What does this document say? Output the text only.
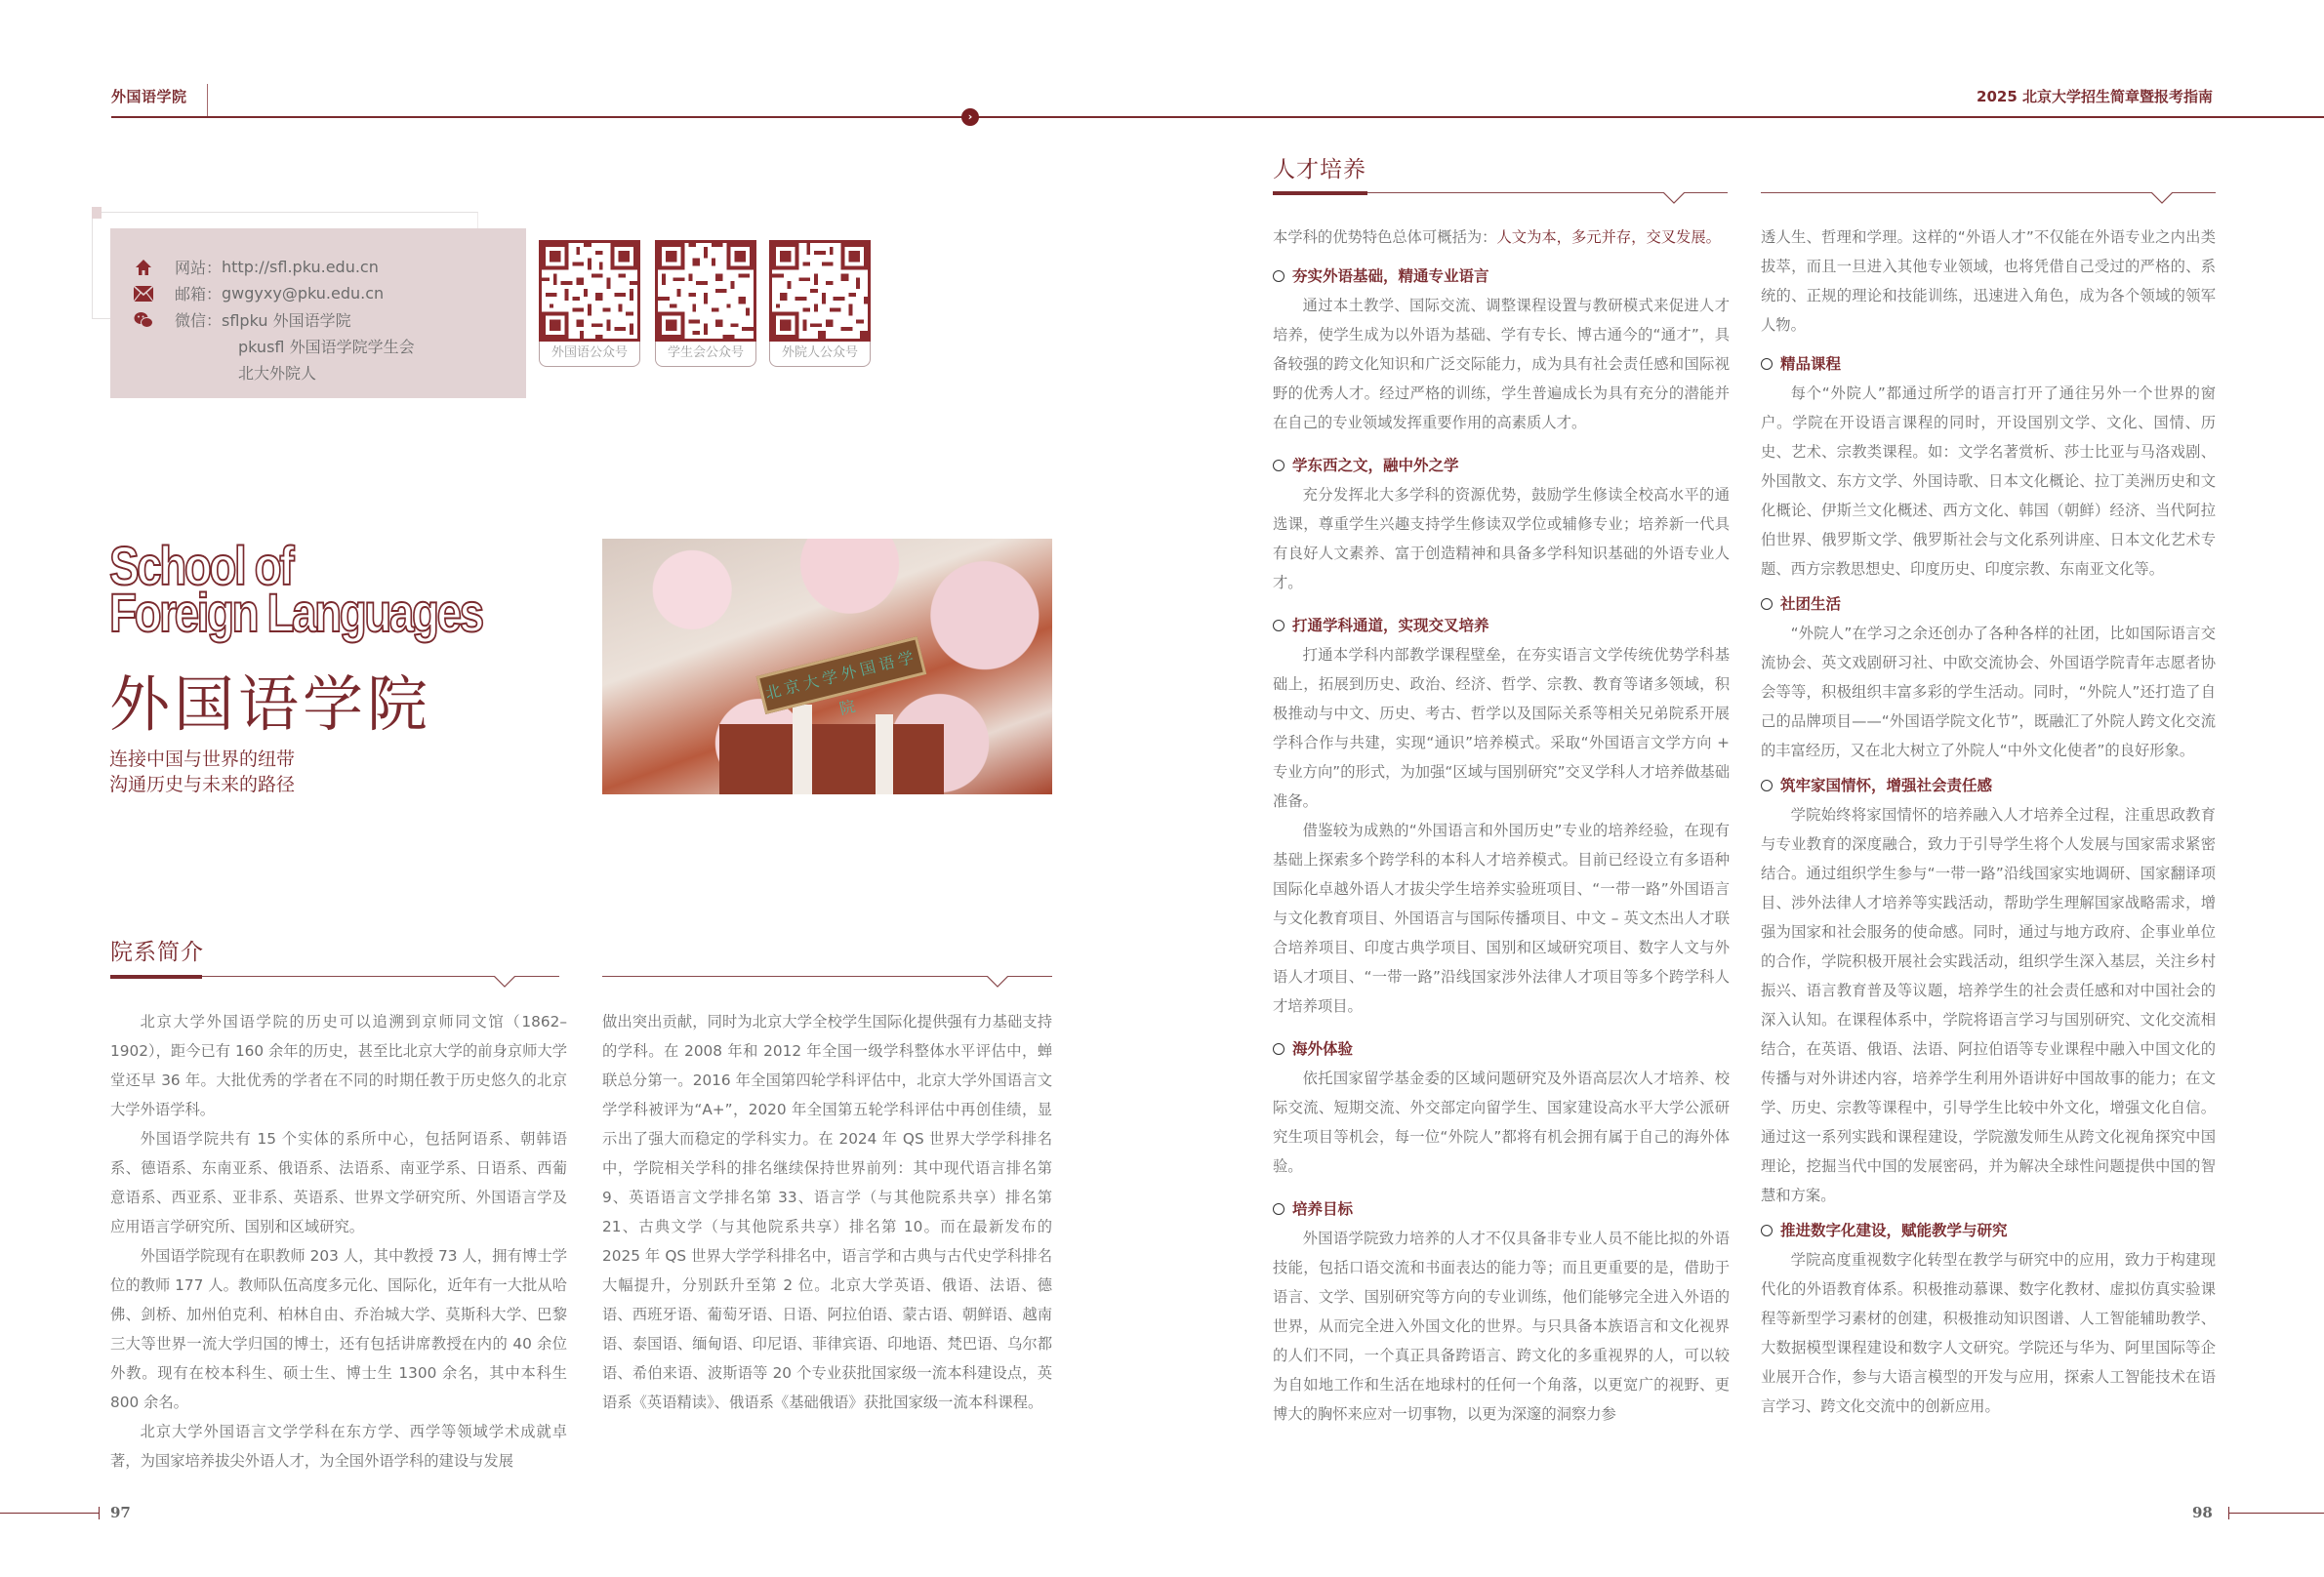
外国语学院	2025 北京大学招生简章暨报考指南
›
网站： http://sfl.pku.edu.cn
邮箱： gwgyxy@pku.edu.cn
微信： sflpku 外国语学院
pkusfl 外国语学院学生会
北大外院人
外国语公众号	学生会公众号	外院人公众号
School of
Foreign Languages
外国语学院
连接中国与世界的纽带
沟通历史与未来的路径
北京大学外国语学院
院系简介

北京大学外国语学院的历史可以追溯到京师同文馆（1862–1902），距今已有 160 余年的历史，甚至比北京大学的前身京师大学堂还早 36 年。大批优秀的学者在不同的时期任教于历史悠久的北京大学外语学科。

外国语学院共有 15 个实体的系所中心，包括阿语系、朝韩语系、德语系、东南亚系、俄语系、法语系、南亚学系、日语系、西葡意语系、西亚系、亚非系、英语系、世界文学研究所、外国语言学及应用语言学研究所、国别和区域研究。

外国语学院现有在职教师 203 人，其中教授 73 人，拥有博士学位的教师 177 人。教师队伍高度多元化、国际化，近年有一大批从哈佛、剑桥、加州伯克利、柏林自由、乔治城大学、莫斯科大学、巴黎三大等世界一流大学归国的博士，还有包括讲席教授在内的 40 余位外教。现有在校本科生、硕士生、博士生 1300 余名，其中本科生 800 余名。

北京大学外国语言文学学科在东方学、西学等领域学术成就卓著，为国家培养拔尖外语人才，为全国外语学科的建设与发展

做出突出贡献，同时为北京大学全校学生国际化提供强有力基础支持的学科。在 2008 年和 2012 年全国一级学科整体水平评估中，蝉联总分第一。2016 年全国第四轮学科评估中，北京大学外国语言文学学科被评为“A+”，2020 年全国第五轮学科评估中再创佳绩，显示出了强大而稳定的学科实力。在 2024 年 QS 世界大学学科排名中，学院相关学科的排名继续保持世界前列：其中现代语言排名第 9、英语语言文学排名第 33、语言学（与其他院系共享）排名第 21、古典文学（与其他院系共享）排名第 10。而在最新发布的 2025 年 QS 世界大学学科排名中，语言学和古典与古代史学科排名大幅提升，分别跃升至第 2 位。北京大学英语、俄语、法语、德语、西班牙语、葡萄牙语、日语、阿拉伯语、蒙古语、朝鲜语、越南语、泰国语、缅甸语、印尼语、菲律宾语、印地语、梵巴语、乌尔都语、希伯来语、波斯语等 20 个专业获批国家级一流本科建设点，英语系《英语精读》、俄语系《基础俄语》获批国家级一流本科课程。

人才培养

本学科的优势特色总体可概括为：人文为本，多元并存，交叉发展。

夯实外语基础，精通专业语言

通过本土教学、国际交流、调整课程设置与教研模式来促进人才培养，使学生成为以外语为基础、学有专长、博古通今的“通才”，具备较强的跨文化知识和广泛交际能力，成为具有社会责任感和国际视野的优秀人才。经过严格的训练，学生普遍成长为具有充分的潜能并在自己的专业领域发挥重要作用的高素质人才。

学东西之文，融中外之学

充分发挥北大多学科的资源优势，鼓励学生修读全校高水平的通选课，尊重学生兴趣支持学生修读双学位或辅修专业；培养新一代具有良好人文素养、富于创造精神和具备多学科知识基础的外语专业人才。

打通学科通道，实现交叉培养

打通本学科内部教学课程壁垒，在夯实语言文学传统优势学科基础上，拓展到历史、政治、经济、哲学、宗教、教育等诸多领域，积极推动与中文、历史、考古、哲学以及国际关系等相关兄弟院系开展学科合作与共建，实现“通识”培养模式。采取“外国语言文学方向 + 专业方向”的形式，为加强“区域与国别研究”交叉学科人才培养做基础准备。

借鉴较为成熟的“外国语言和外国历史”专业的培养经验，在现有基础上探索多个跨学科的本科人才培养模式。目前已经设立有多语种国际化卓越外语人才拔尖学生培养实验班项目、“一带一路”外国语言与文化教育项目、外国语言与国际传播项目、中文 – 英文杰出人才联合培养项目、印度古典学项目、国别和区域研究项目、数字人文与外语人才项目、“一带一路”沿线国家涉外法律人才项目等多个跨学科人才培养项目。

海外体验

依托国家留学基金委的区域问题研究及外语高层次人才培养、校际交流、短期交流、外交部定向留学生、国家建设高水平大学公派研究生项目等机会，每一位“外院人”都将有机会拥有属于自己的海外体验。

培养目标

外国语学院致力培养的人才不仅具备非专业人员不能比拟的外语技能，包括口语交流和书面表达的能力等；而且更重要的是，借助于语言、文学、国别研究等方向的专业训练，他们能够完全进入外语的世界，从而完全进入外国文化的世界。与只具备本族语言和文化视界的人们不同，一个真正具备跨语言、跨文化的多重视界的人，可以较为自如地工作和生活在地球村的任何一个角落，以更宽广的视野、更博大的胸怀来应对一切事物，以更为深邃的洞察力参

透人生、哲理和学理。这样的“外语人才”不仅能在外语专业之内出类拔萃，而且一旦进入其他专业领域，也将凭借自己受过的严格的、系统的、正规的理论和技能训练，迅速进入角色，成为各个领域的领军人物。

精品课程

每个“外院人”都通过所学的语言打开了通往另外一个世界的窗户。学院在开设语言课程的同时，开设国别文学、文化、国情、历史、艺术、宗教类课程。如：文学名著赏析、莎士比亚与马洛戏剧、外国散文、东方文学、外国诗歌、日本文化概论、拉丁美洲历史和文化概论、伊斯兰文化概述、西方文化、韩国（朝鲜）经济、当代阿拉伯世界、俄罗斯文学、俄罗斯社会与文化系列讲座、日本文化艺术专题、西方宗教思想史、印度历史、印度宗教、东南亚文化等。

社团生活

“外院人”在学习之余还创办了各种各样的社团，比如国际语言交流协会、英文戏剧研习社、中欧交流协会、外国语学院青年志愿者协会等等，积极组织丰富多彩的学生活动。同时，“外院人”还打造了自己的品牌项目——“外国语学院文化节”，既融汇了外院人跨文化交流的丰富经历，又在北大树立了外院人“中外文化使者”的良好形象。

筑牢家国情怀，增强社会责任感

学院始终将家国情怀的培养融入人才培养全过程，注重思政教育与专业教育的深度融合，致力于引导学生将个人发展与国家需求紧密结合。通过组织学生参与“一带一路”沿线国家实地调研、国家翻译项目、涉外法律人才培养等实践活动，帮助学生理解国家战略需求，增强为国家和社会服务的使命感。同时，通过与地方政府、企事业单位的合作，学院积极开展社会实践活动，组织学生深入基层，关注乡村振兴、语言教育普及等议题，培养学生的社会责任感和对中国社会的深入认知。在课程体系中，学院将语言学习与国别研究、文化交流相结合，在英语、俄语、法语、阿拉伯语等专业课程中融入中国文化的传播与对外讲述内容，培养学生利用外语讲好中国故事的能力；在文学、历史、宗教等课程中，引导学生比较中外文化，增强文化自信。通过这一系列实践和课程建设，学院激发师生从跨文化视角探究中国理论，挖掘当代中国的发展密码，并为解决全球性问题提供中国的智慧和方案。

推进数字化建设，赋能教学与研究

学院高度重视数字化转型在教学与研究中的应用，致力于构建现代化的外语教育体系。积极推动慕课、数字化教材、虚拟仿真实验课程等新型学习素材的创建，积极推动知识图谱、人工智能辅助教学、大数据模型课程建设和数字人文研究。学院还与华为、阿里国际等企业展开合作，参与大语言模型的开发与应用，探索人工智能技术在语言学习、跨文化交流中的创新应用。

97	98
